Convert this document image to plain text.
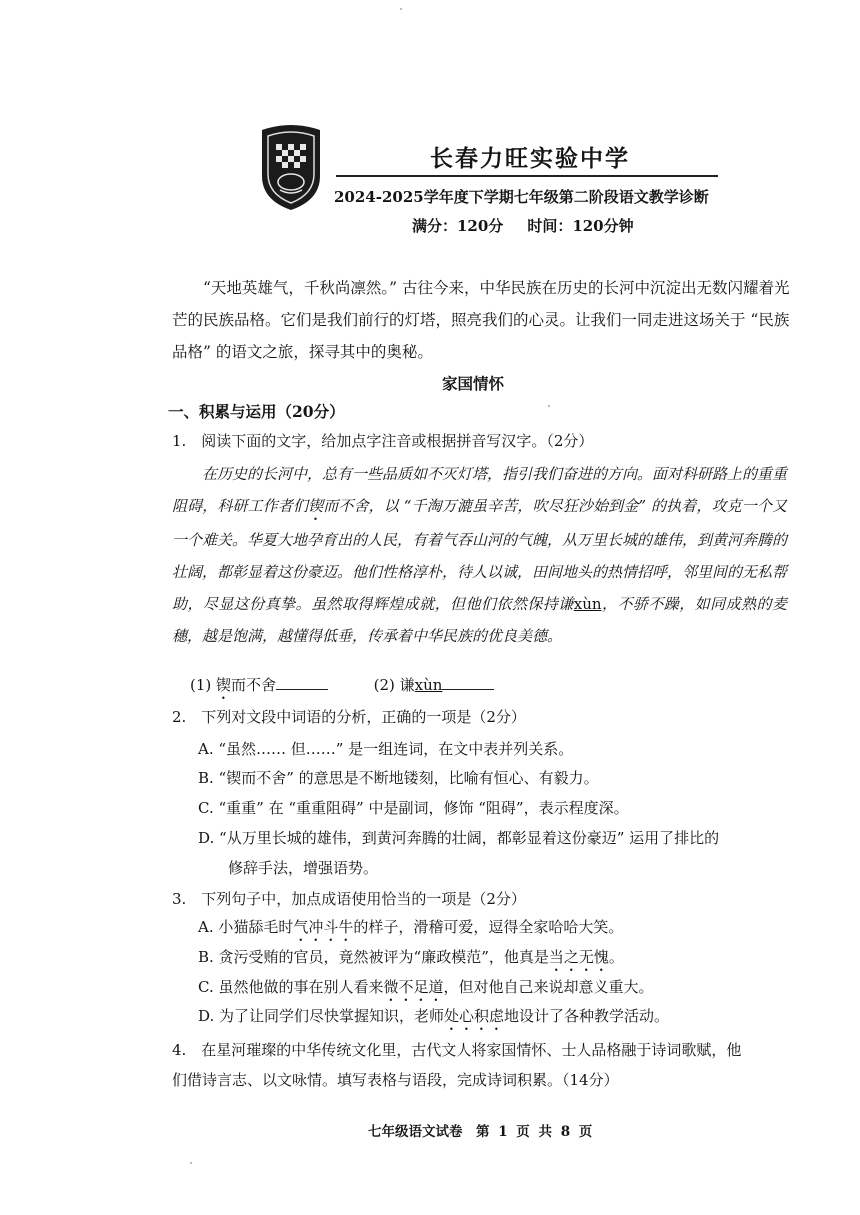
长春力旺实验中学
2024-2025学年度下学期七年级第二阶段语文教学诊断
满分：120分 时间：120分钟
“天地英雄气，千秋尚凛然。” 古往今来，中华民族在历史的长河中沉淀出无数闪耀着光芒的民族品格。它们是我们前行的灯塔，照亮我们的心灵。让我们一同走进这场关于 “民族品格” 的语文之旅，探寻其中的奥秘。
家国情怀
一、积累与运用（20分）
1.　阅读下面的文字，给加点字注音或根据拼音写汉字。（2分）
在历史的长河中，总有一些品质如不灭灯塔，指引我们奋进的方向。面对科研路上的重重阻碍，科研工作者们锲而不舍，以 “千淘万漉虽辛苦，吹尽狂沙始到金” 的执着，攻克一个又一个难关。华夏大地孕育出的人民，有着气吞山河的气魄，从万里长城的雄伟，到黄河奔腾的壮阔，都彰显着这份豪迈。他们性格淳朴，待人以诚，田间地头的热情招呼，邻里间的无私帮助，尽显这份真挚。虽然取得辉煌成就，但他们依然保持谦xùn，不骄不躁，如同成熟的麦穗，越是饱满，越懂得低垂，传承着中华民族的优良美德。
(1) 锲而不舍	(2) 谦xùn
2.　下列对文段中词语的分析，正确的一项是（2分）
A. “虽然…… 但……” 是一组连词，在文中表并列关系。
B. “锲而不舍” 的意思是不断地镂刻，比喻有恒心、有毅力。
C. “重重” 在 “重重阻碍” 中是副词，修饰 “阻碍”，表示程度深。
D. “从万里长城的雄伟，到黄河奔腾的壮阔，都彰显着这份豪迈” 运用了排比的
修辞手法，增强语势。
3.　下列句子中，加点成语使用恰当的一项是（2分）
A. 小猫舔毛时气冲斗牛的样子，滑稽可爱，逗得全家哈哈大笑。
B. 贪污受贿的官员，竟然被评为“廉政模范”，他真是当之无愧。
C. 虽然他做的事在别人看来微不足道，但对他自己来说却意义重大。
D. 为了让同学们尽快掌握知识，老师处心积虑地设计了各种教学活动。
4.　在星河璀璨的中华传统文化里，古代文人将家国情怀、士人品格融于诗词歌赋，他
们借诗言志、以文咏情。填写表格与语段，完成诗词积累。（14分）
七年级语文试卷　第 1 页 共 8 页
